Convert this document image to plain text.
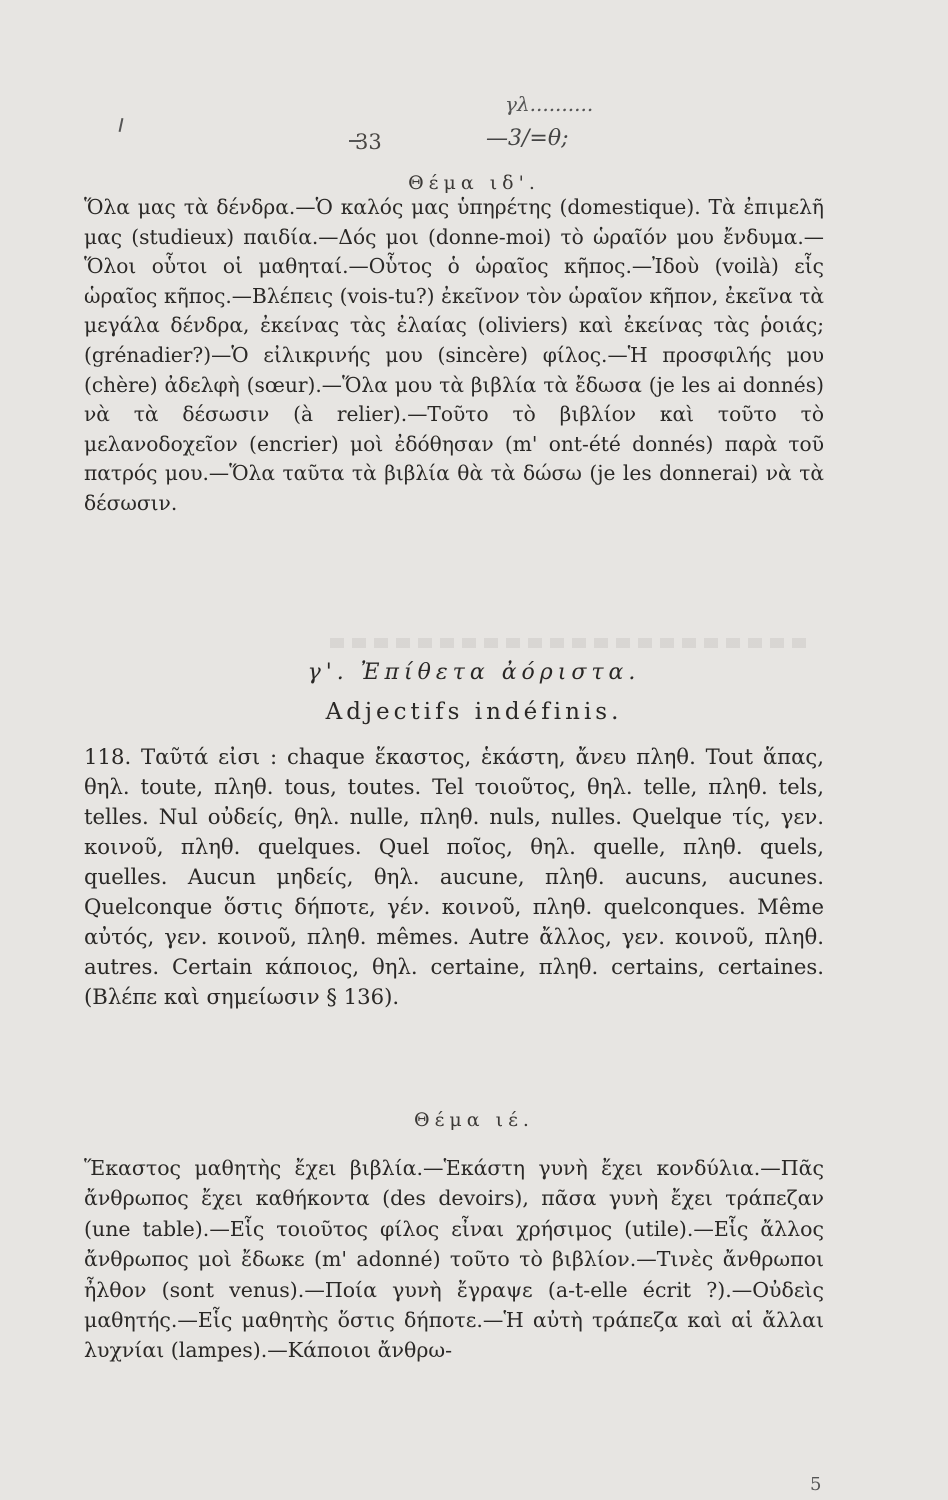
γλ..........
33	—3/=θ;
Θέμα ιδ'.

Ὅλα μας τὰ δένδρα.—Ὁ καλός μας ὑπηρέτης (domestique). Τὰ ἐπιμελῆ μας (studieux) παιδία.—Δός μοι (donne-moi) τὸ ὡραῖόν μου ἔνδυμα.—Ὅλοι οὗτοι οἱ μαθηταί.—Οὗτος ὁ ὡραῖος κῆπος.—Ἰδοὺ (voilà) εἷς ὡραῖος κῆπος.—Βλέπεις (vois-tu?) ἐκεῖνον τὸν ὡραῖον κῆπον, ἐκεῖνα τὰ μεγάλα δένδρα, ἐκείνας τὰς ἐλαίας (oliviers) καὶ ἐκείνας τὰς ῥοιάς; (grénadier?)—Ὁ εἰλικρινής μου (sincère) φίλος.—Ἡ προσφιλής μου (chère) ἀδελφὴ (sœur).—Ὅλα μου τὰ βιβλία τὰ ἔδωσα (je les ai donnés) νὰ τὰ δέσωσιν (à relier).—Τοῦτο τὸ βιβλίον καὶ τοῦτο τὸ μελανοδοχεῖον (encrier) μοὶ ἐδόθησαν (m' ont-été donnés) παρὰ τοῦ πατρός μου.—Ὅλα ταῦτα τὰ βιβλία θὰ τὰ δώσω (je les donnerai) νὰ τὰ δέσωσιν.

γ'. Ἐπίθετα ἀόριστα.
Adjectifs indéfinis.

118. Ταῦτά εἰσι : chaque ἕκαστος, ἑκάστη, ἄνευ πληθ. Tout ἅπας, θηλ. toute, πληθ. tous, toutes. Tel τοιοῦτος, θηλ. telle, πληθ. tels, telles. Nul οὐδείς, θηλ. nulle, πληθ. nuls, nulles. Quelque τίς, γεν. κοινοῦ, πληθ. quelques. Quel ποῖος, θηλ. quelle, πληθ. quels, quelles. Aucun μηδείς, θηλ. aucune, πληθ. aucuns, aucunes. Quelconque ὅστις δήποτε, γέν. κοινοῦ, πληθ. quelconques. Même αὐτός, γεν. κοινοῦ, πληθ. mêmes. Autre ἄλλος, γεν. κοινοῦ, πληθ. autres. Certain κάποιος, θηλ. certaine, πληθ. certains, certaines. (Βλέπε καὶ σημείωσιν § 136).

Θέμα ιέ.

Ἕκαστος μαθητὴς ἔχει βιβλία.—Ἑκάστη γυνὴ ἔχει κονδύλια.—Πᾶς ἄνθρωπος ἔχει καθήκοντα (des devoirs), πᾶσα γυνὴ ἔχει τράπεζαν (une table).—Εἷς τοιοῦτος φίλος εἶναι χρήσιμος (utile).—Εἷς ἄλλος ἄνθρωπος μοὶ ἔδωκε (m' adonné) τοῦτο τὸ βιβλίον.—Τινὲς ἄνθρωποι ἦλθον (sont venus).—Ποία γυνὴ ἔγραψε (a-t-elle écrit ?).—Οὐδεὶς μαθητής.—Εἷς μαθητὴς ὅστις δήποτε.—Ἡ αὐτὴ τράπεζα καὶ αἱ ἄλλαι λυχνίαι (lampes).—Κάποιοι ἄνθρω-

5
